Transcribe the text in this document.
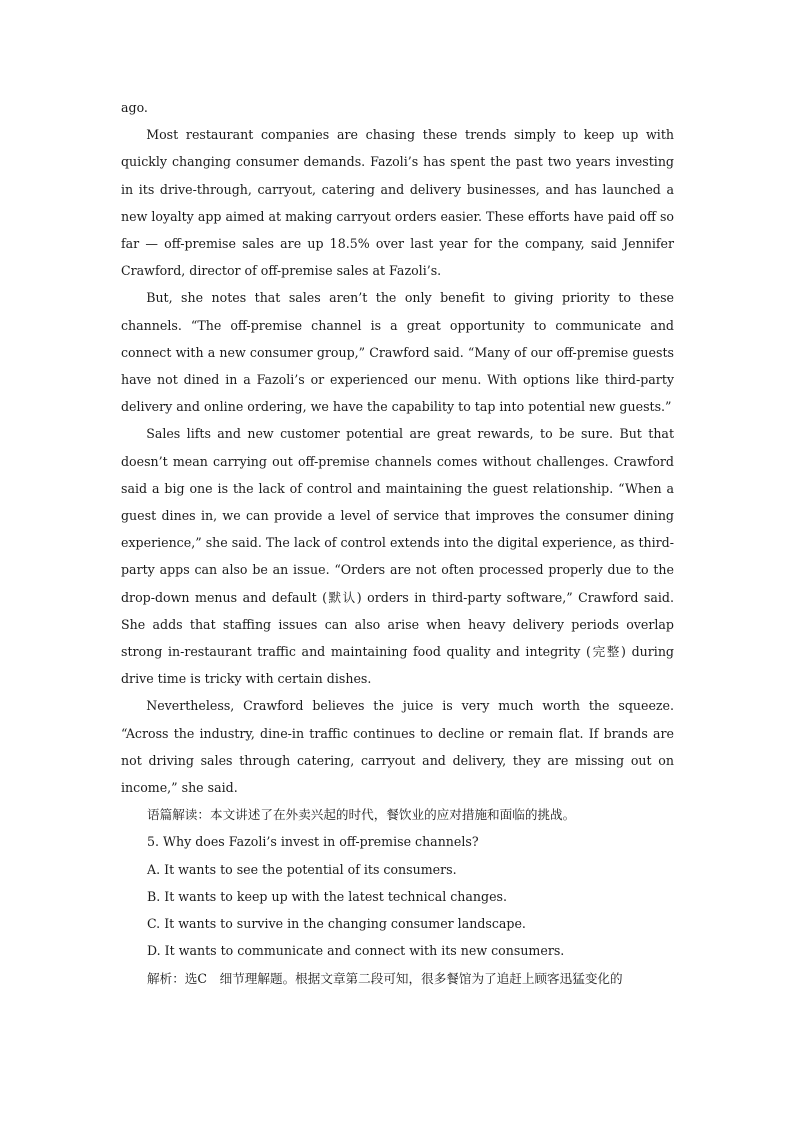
ago.

Most restaurant companies are chasing these trends simply to keep up with quickly changing consumer demands. Fazoli’s has spent the past two years investing in its drive-through, carryout, catering and delivery businesses, and has launched a new loyalty app aimed at making carryout orders easier. These efforts have paid off so far — off-premise sales are up 18.5% over last year for the company, said Jennifer Crawford, director of off-premise sales at Fazoli’s.

But, she notes that sales aren’t the only benefit to giving priority to these channels. “The off-premise channel is a great opportunity to communicate and connect with a new consumer group,” Crawford said. “Many of our off-premise guests have not dined in a Fazoli’s or experienced our menu. With options like third-party delivery and online ordering, we have the capability to tap into potential new guests.”

Sales lifts and new customer potential are great rewards, to be sure. But that doesn’t mean carrying out off-premise channels comes without challenges. Crawford said a big one is the lack of control and maintaining the guest relationship. “When a guest dines in, we can provide a level of service that improves the consumer dining experience,” she said. The lack of control extends into the digital experience, as third-party apps can also be an issue. “Orders are not often processed properly due to the drop-down menus and default (默认) orders in third-party software,” Crawford said. She adds that staffing issues can also arise when heavy delivery periods overlap strong in-restaurant traffic and maintaining food quality and integrity (完整) during drive time is tricky with certain dishes.

Nevertheless, Crawford believes the juice is very much worth the squeeze. “Across the industry, dine-in traffic continues to decline or remain flat. If brands are not driving sales through catering, carryout and delivery, they are missing out on income,” she said.

语篇解读：本文讲述了在外卖兴起的时代，餐饮业的应对措施和面临的挑战。

5. Why does Fazoli’s invest in off-premise channels?

A. It wants to see the potential of its consumers.

B. It wants to keep up with the latest technical changes.

C. It wants to survive in the changing consumer landscape.

D. It wants to communicate and connect with its new consumers.

解析：选C　细节理解题。根据文章第二段可知，很多餐馆为了追赶上顾客迅猛变化的
